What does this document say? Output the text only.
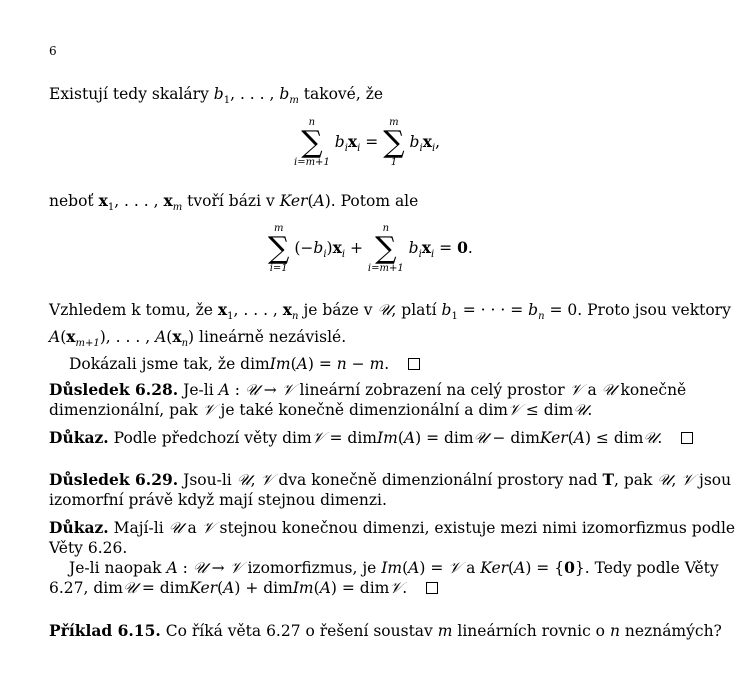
6
Existují tedy skaláry $b_1$, . . . , $b_m$ takové, že
n
∑
i=m+1
$b_ix_i$ =
m
∑
1
$b_ix_i$,
neboť $x_1$, . . . , $x_m$ tvoří bázi v Ker(A). Potom ale
m
∑
i=1
$(-b_i)x_i$ +
n
∑
i=m+1
$b_ix_i = 0$.
Vzhledem k tomu, že $x_1$, . . . , $x_n$ je báze v 𝒰, platí $b_1$ = · · · = $b_n = 0$. Proto jsou vektory
$A(x_{m+1})$, . . . , $A(x_n)$ lineárně nezávislé.
Dokázali jsme tak, že dimIm(A) = n − m.
Důsledek 6.28. Je-li A : 𝒰 → 𝒱 lineární zobrazení na celý prostor 𝒱 a 𝒰 konečně
dimenzionální, pak 𝒱 je také konečně dimenzionální a dim𝒱 ≤ dim𝒰.
Důkaz. Podle předchozí věty dim𝒱 = dimIm(A) = dim𝒰 − dimKer(A) ≤ dim𝒰.
Důsledek 6.29. Jsou-li 𝒰, 𝒱 dva konečně dimenzionální prostory nad T, pak 𝒰, 𝒱 jsou
izomorfní právě když mají stejnou dimenzi.
Důkaz. Mají-li 𝒰 a 𝒱 stejnou konečnou dimenzi, existuje mezi nimi izomorfizmus podle
Věty 6.26.
Je-li naopak A : 𝒰 → 𝒱 izomorfizmus, je Im(A) = 𝒱 a Ker(A) = {0}. Tedy podle Věty
6.27, dim𝒰 = dimKer(A) + dimIm(A) = dim𝒱.
Příklad 6.15. Co říká věta 6.27 o řešení soustav m lineárních rovnic o n neznámých?
